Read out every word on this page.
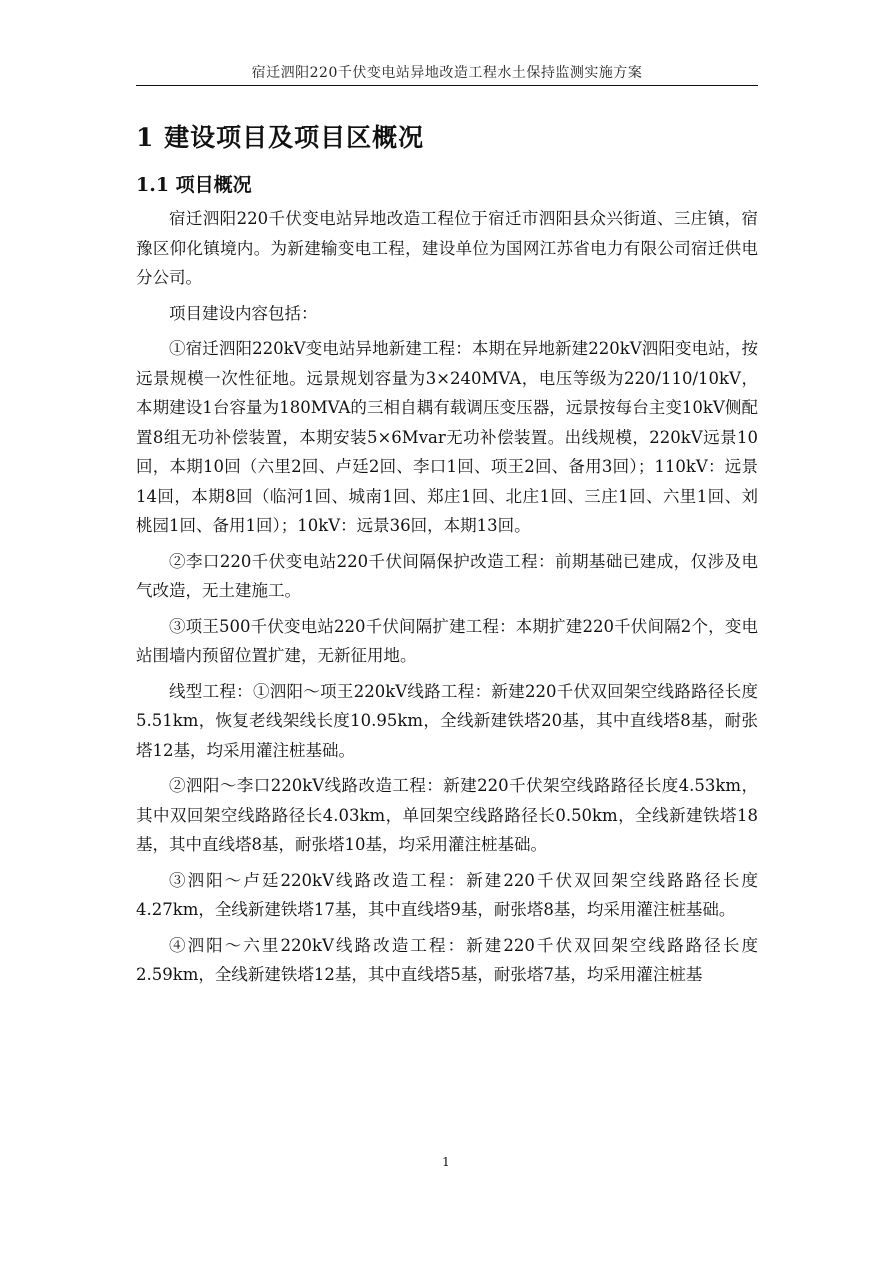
宿迁泗阳220千伏变电站异地改造工程水土保持监测实施方案
1 建设项目及项目区概况
1.1 项目概况

宿迁泗阳220千伏变电站异地改造工程位于宿迁市泗阳县众兴街道、三庄镇，宿豫区仰化镇境内。为新建输变电工程，建设单位为国网江苏省电力有限公司宿迁供电分公司。

项目建设内容包括：

①宿迁泗阳220kV变电站异地新建工程：本期在异地新建220kV泗阳变电站，按远景规模一次性征地。远景规划容量为3×240MVA，电压等级为220/110/10kV，本期建设1台容量为180MVA的三相自耦有载调压变压器，远景按每台主变10kV侧配置8组无功补偿装置，本期安装5×6Mvar无功补偿装置。出线规模，220kV远景10回，本期10回（六里2回、卢廷2回、李口1回、项王2回、备用3回）；110kV：远景14回，本期8回（临河1回、城南1回、郑庄1回、北庄1回、三庄1回、六里1回、刘桃园1回、备用1回）；10kV：远景36回，本期13回。

②李口220千伏变电站220千伏间隔保护改造工程：前期基础已建成，仅涉及电气改造，无土建施工。

③项王500千伏变电站220千伏间隔扩建工程：本期扩建220千伏间隔2个，变电站围墙内预留位置扩建，无新征用地。

线型工程：①泗阳～项王220kV线路工程：新建220千伏双回架空线路路径长度5.51km，恢复老线架线长度10.95km，全线新建铁塔20基，其中直线塔8基，耐张塔12基，均采用灌注桩基础。

②泗阳～李口220kV线路改造工程：新建220千伏架空线路路径长度4.53km，其中双回架空线路路径长4.03km，单回架空线路路径长0.50km，全线新建铁塔18基，其中直线塔8基，耐张塔10基，均采用灌注桩基础。

③泗阳～卢廷220kV线路改造工程：新建220千伏双回架空线路路径长度4.27km，全线新建铁塔17基，其中直线塔9基，耐张塔8基，均采用灌注桩基础。

④泗阳～六里220kV线路改造工程：新建220千伏双回架空线路路径长度2.59km，全线新建铁塔12基，其中直线塔5基，耐张塔7基，均采用灌注桩基

1
